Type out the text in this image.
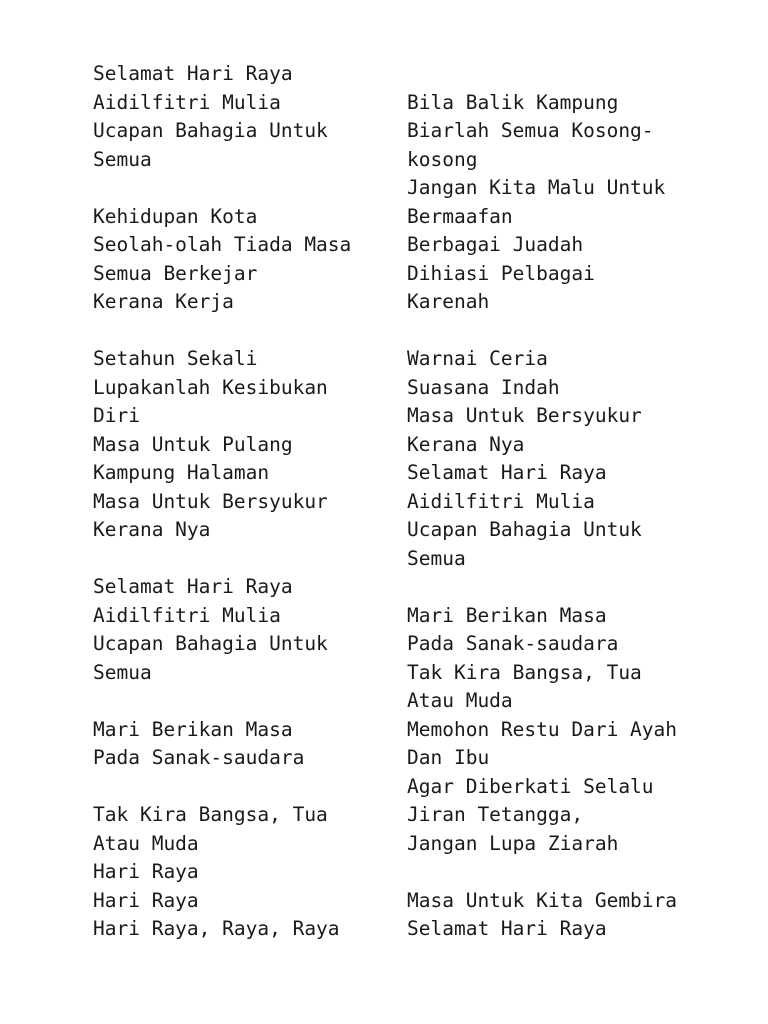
Selamat Hari Raya
Aidilfitri Mulia
Ucapan Bahagia Untuk
Semua
Kehidupan Kota
Seolah-olah Tiada Masa
Semua Berkejar
Kerana Kerja
Setahun Sekali
Lupakanlah Kesibukan
Diri
Masa Untuk Pulang
Kampung Halaman
Masa Untuk Bersyukur
Kerana Nya
Selamat Hari Raya
Aidilfitri Mulia
Ucapan Bahagia Untuk
Semua
Mari Berikan Masa
Pada Sanak-saudara
Tak Kira Bangsa, Tua
Atau Muda
Hari Raya
Hari Raya
Hari Raya, Raya, Raya
Bila Balik Kampung
Biarlah Semua Kosong-
kosong
Jangan Kita Malu Untuk
Bermaafan
Berbagai Juadah
Dihiasi Pelbagai
Karenah
Warnai Ceria
Suasana Indah
Masa Untuk Bersyukur
Kerana Nya
Selamat Hari Raya
Aidilfitri Mulia
Ucapan Bahagia Untuk
Semua
Mari Berikan Masa
Pada Sanak-saudara
Tak Kira Bangsa, Tua
Atau Muda
Memohon Restu Dari Ayah
Dan Ibu
Agar Diberkati Selalu
Jiran Tetangga,
Jangan Lupa Ziarah
Masa Untuk Kita Gembira
Selamat Hari Raya
